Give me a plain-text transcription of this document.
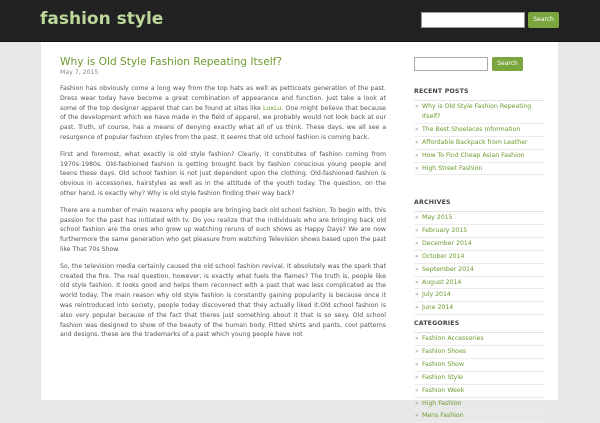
fashion style	Search
Why is Old Style Fashion Repeating Itself?
May 7, 2015

Fashion has obviously come a long way from the top hats as well as petticoats generation of the past. Dress wear today have become a great combination of appearance and function. Just take a look at some of the top designer apparel that can be found at sites like LuxLu. One might believe that because of the development which we have made in the field of apparel, we probably would not look back at our past. Truth, of course, has a means of denying exactly what all of us think. These days, we all see a resurgence of popular fashion styles from the past. It seems that old school fashion is coming back.

First and foremost, what exactly is old style fashion? Clearly, it constitutes of fashion coming from 1970s-1980s. Old-fashioned fashion is getting brought back by fashion conscious young people and teens these days. Old school fashion is not just dependent upon the clothing. Old-fashioned fashion is obvious in accessories, hairstyles as well as in the attitude of the youth today. The question, on the other hand, is exactly why? Why is old style fashion finding their way back?

There are a number of main reasons why people are bringing back old school fashion. To begin with, this passion for the past has initiated with tv. Do you realize that the individuals who are bringing back old school fashion are the ones who grew up watching reruns of such shows as Happy Days? We are now furthermore the same generation who get pleasure from watching Television shows based upon the past like That 70s Show.

So, the television media certainly caused the old school fashion revival. It absolutely was the spark that created the fire. The real question, however, is exactly what fuels the flames? The truth is, people like old style fashion. It looks good and helps them reconnect with a past that was less complicated as the world today. The main reason why old style fashion is constantly gaining popularity is because once it was reintroduced into society, people today discovered that they actually liked it.Old school fashion is also very popular because of the fact that theres just something about it that is so sexy. Old school fashion was designed to show of the beauty of the human body. Fitted shirts and pants, cool patterns and designs, these are the trademarks of a past which young people have not

Search
RECENT POSTS
» Why is Old Style Fashion Repeating Itself?
» The Best Shoelaces Information
» Affordable Backpack from Leather
» How To Find Cheap Asian Fashion
» High Street Fashion
ARCHIVES
» May 2015
» February 2015
» December 2014
» October 2014
» September 2014
» August 2014
» July 2014
» June 2014
CATEGORIES
» Fashion Accessories
» Fashion Shoes
» Fashion Show
» Fashion Style
» Fashion Week
» High Fashion
» Mens Fashion
